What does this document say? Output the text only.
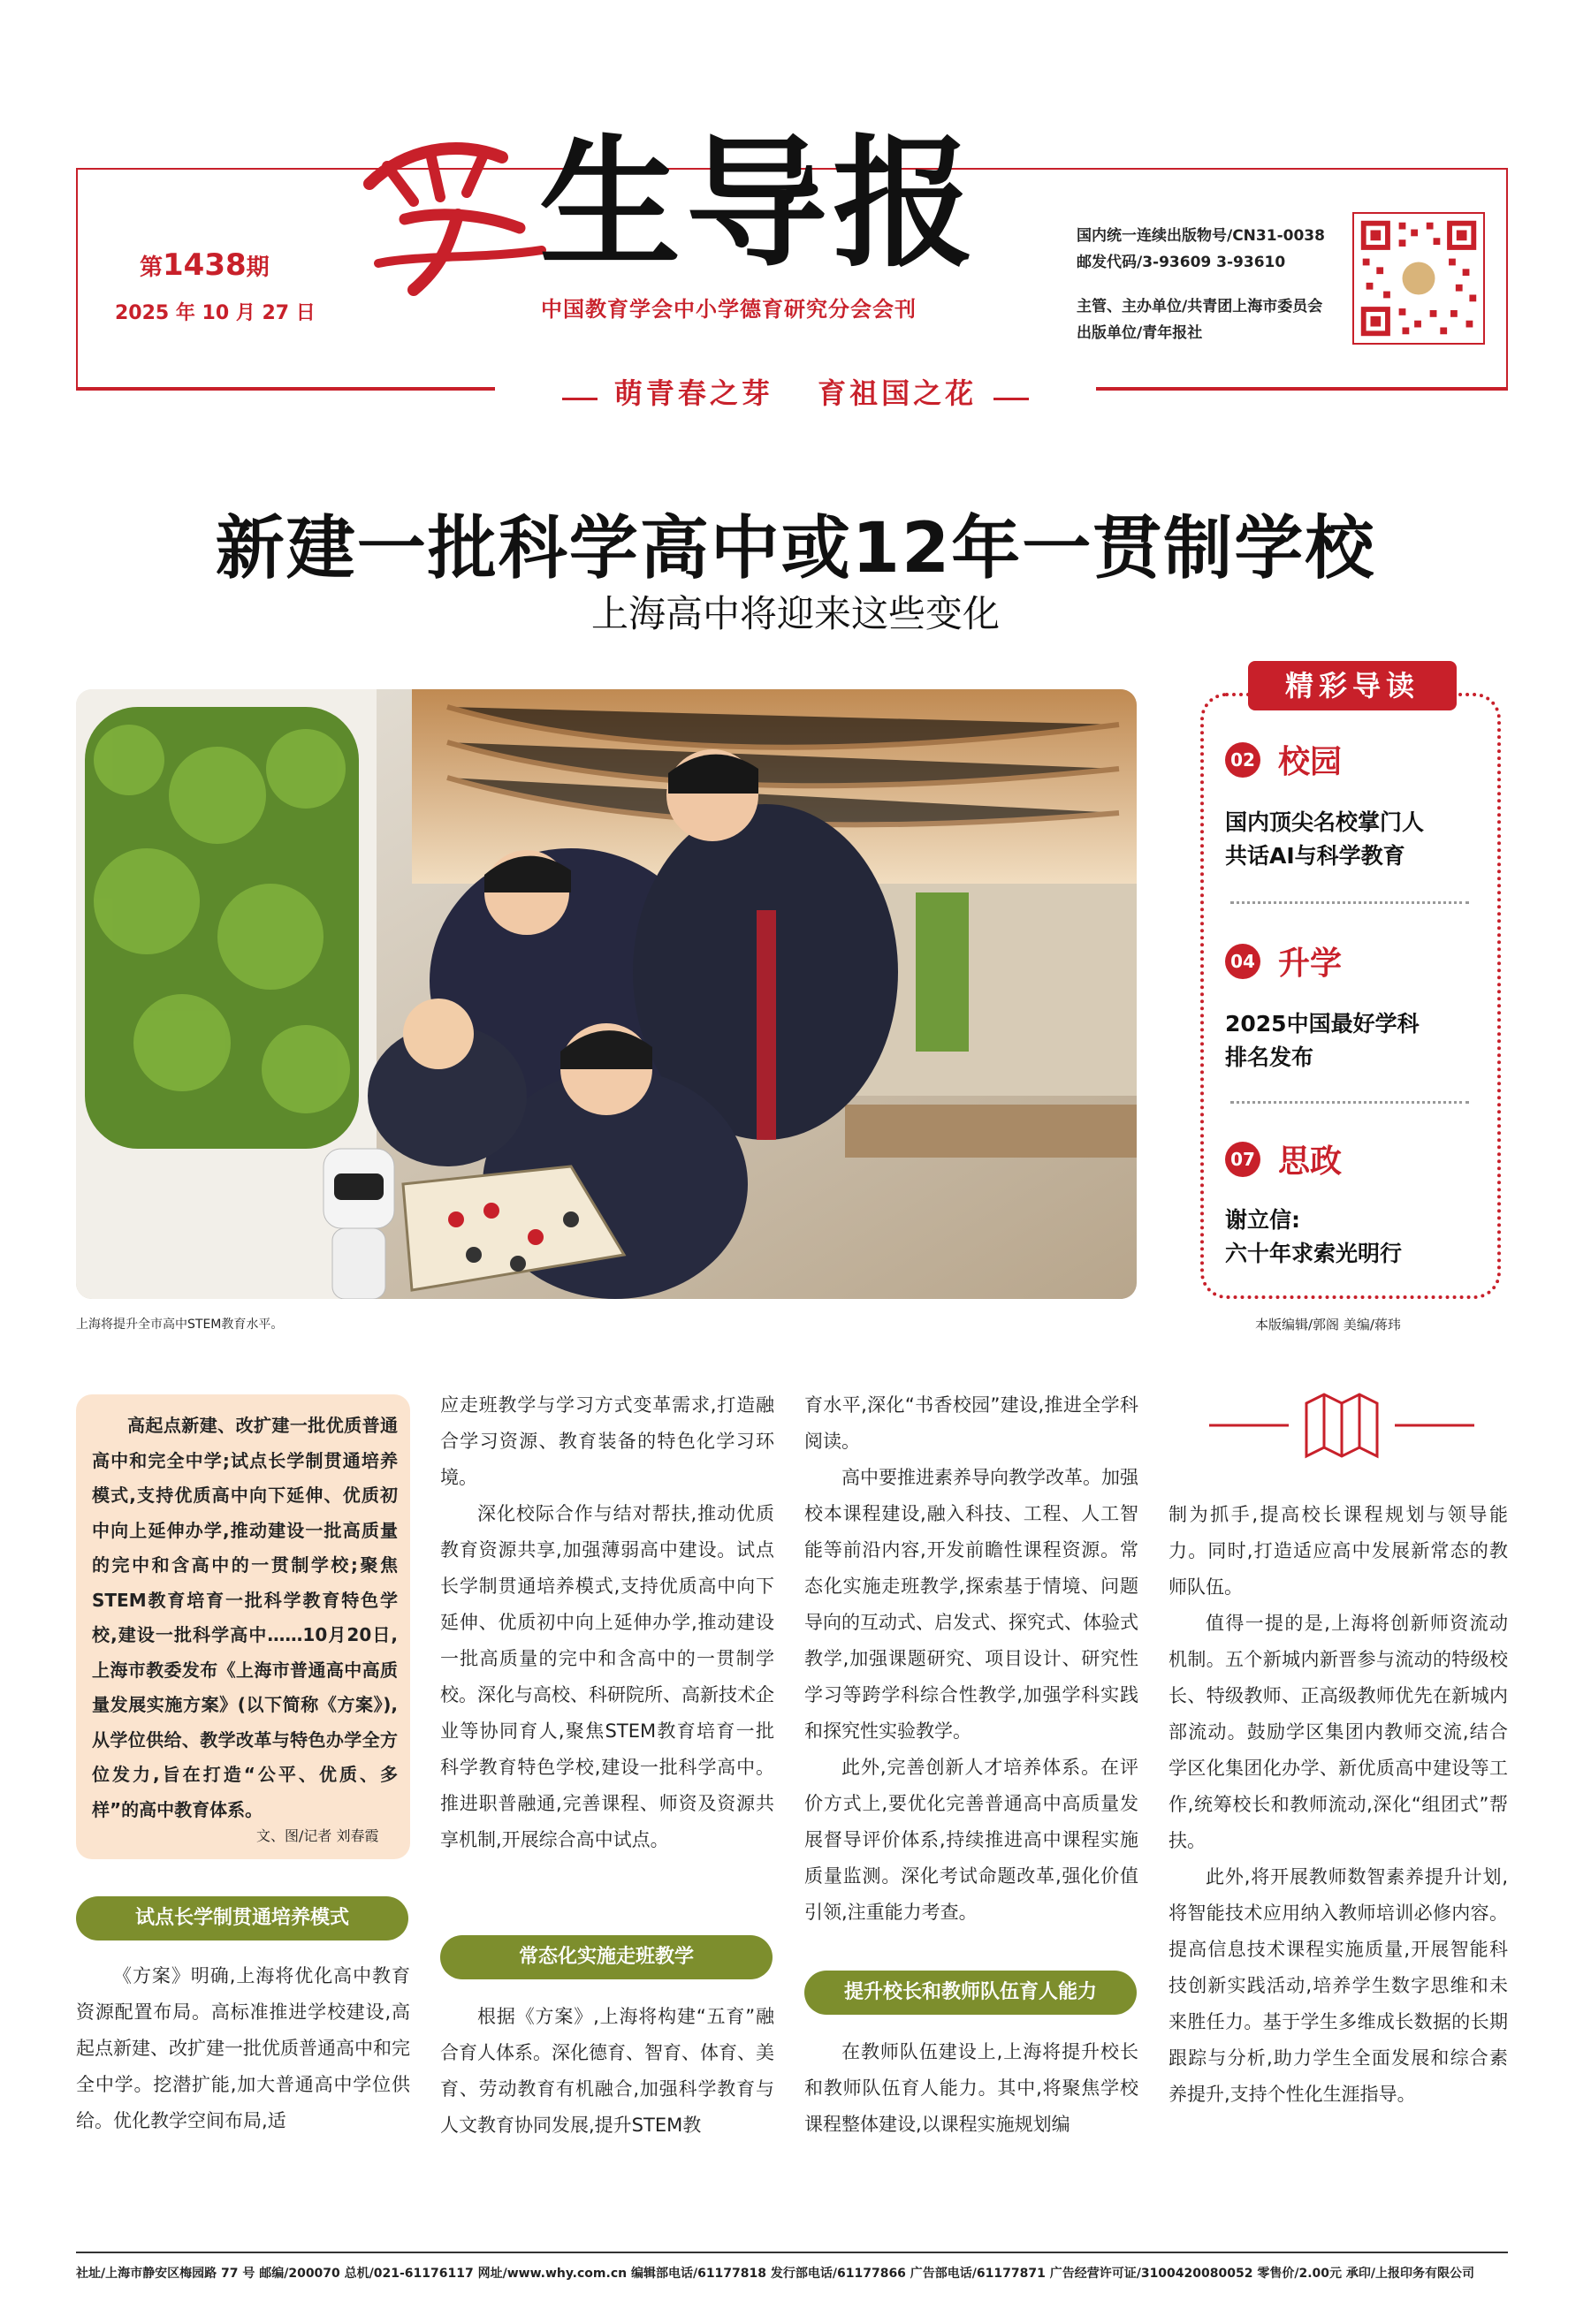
第1438期
2025 年 10 月 27 日
生导报
中国教育学会中小学德育研究分会会刊
国内统一连续出版物号/CN31-0038
邮发代码/3-93609 3-93610
主管、主办单位/共青团上海市委员会
出版单位/青年报社
萌青春之芽 育祖国之花
新建一批科学高中或12年一贯制学校
上海高中将迎来这些变化
上海将提升全市高中STEM教育水平。
精彩导读
02 校园
国内顶尖名校掌门人
共话AI与科学教育
04 升学
2025中国最好学科
排名发布
07 思政
谢立信:
六十年求索光明行
本版编辑/郭阁 美编/蒋玮
高起点新建、改扩建一批优质普通高中和完全中学;试点长学制贯通培养模式,支持优质高中向下延伸、优质初中向上延伸办学,推动建设一批高质量的完中和含高中的一贯制学校;聚焦STEM教育培育一批科学教育特色学校,建设一批科学高中……10月20日,上海市教委发布《上海市普通高中高质量发展实施方案》(以下简称《方案》),从学位供给、教学改革与特色办学全方位发力,旨在打造“公平、优质、多样”的高中教育体系。
文、图/记者 刘春霞
试点长学制贯通培养模式

《方案》明确,上海将优化高中教育资源配置布局。高标准推进学校建设,高起点新建、改扩建一批优质普通高中和完全中学。挖潜扩能,加大普通高中学位供给。优化教学空间布局,适

应走班教学与学习方式变革需求,打造融合学习资源、教育装备的特色化学习环境。

深化校际合作与结对帮扶,推动优质教育资源共享,加强薄弱高中建设。试点长学制贯通培养模式,支持优质高中向下延伸、优质初中向上延伸办学,推动建设一批高质量的完中和含高中的一贯制学校。深化与高校、科研院所、高新技术企业等协同育人,聚焦STEM教育培育一批科学教育特色学校,建设一批科学高中。推进职普融通,完善课程、师资及资源共享机制,开展综合高中试点。

常态化实施走班教学

根据《方案》,上海将构建“五育”融合育人体系。深化德育、智育、体育、美育、劳动教育有机融合,加强科学教育与人文教育协同发展,提升STEM教

育水平,深化“书香校园”建设,推进全学科阅读。

高中要推进素养导向教学改革。加强校本课程建设,融入科技、工程、人工智能等前沿内容,开发前瞻性课程资源。常态化实施走班教学,探索基于情境、问题导向的互动式、启发式、探究式、体验式教学,加强课题研究、项目设计、研究性学习等跨学科综合性教学,加强学科实践和探究性实验教学。

此外,完善创新人才培养体系。在评价方式上,要优化完善普通高中高质量发展督导评价体系,持续推进高中课程实施质量监测。深化考试命题改革,强化价值引领,注重能力考查。

提升校长和教师队伍育人能力

在教师队伍建设上,上海将提升校长和教师队伍育人能力。其中,将聚焦学校课程整体建设,以课程实施规划编

制为抓手,提高校长课程规划与领导能力。同时,打造适应高中发展新常态的教师队伍。

值得一提的是,上海将创新师资流动机制。五个新城内新晋参与流动的特级校长、特级教师、正高级教师优先在新城内部流动。鼓励学区集团内教师交流,结合学区化集团化办学、新优质高中建设等工作,统筹校长和教师流动,深化“组团式”帮扶。

此外,将开展教师数智素养提升计划,将智能技术应用纳入教师培训必修内容。提高信息技术课程实施质量,开展智能科技创新实践活动,培养学生数字思维和未来胜任力。基于学生多维成长数据的长期跟踪与分析,助力学生全面发展和综合素养提升,支持个性化生涯指导。

社址/上海市静安区梅园路 77 号 邮编/200070 总机/021-61176117 网址/www.why.com.cn 编辑部电话/61177818 发行部电话/61177866 广告部电话/61177871 广告经营许可证/3100420080052 零售价/2.00元 承印/上报印务有限公司
